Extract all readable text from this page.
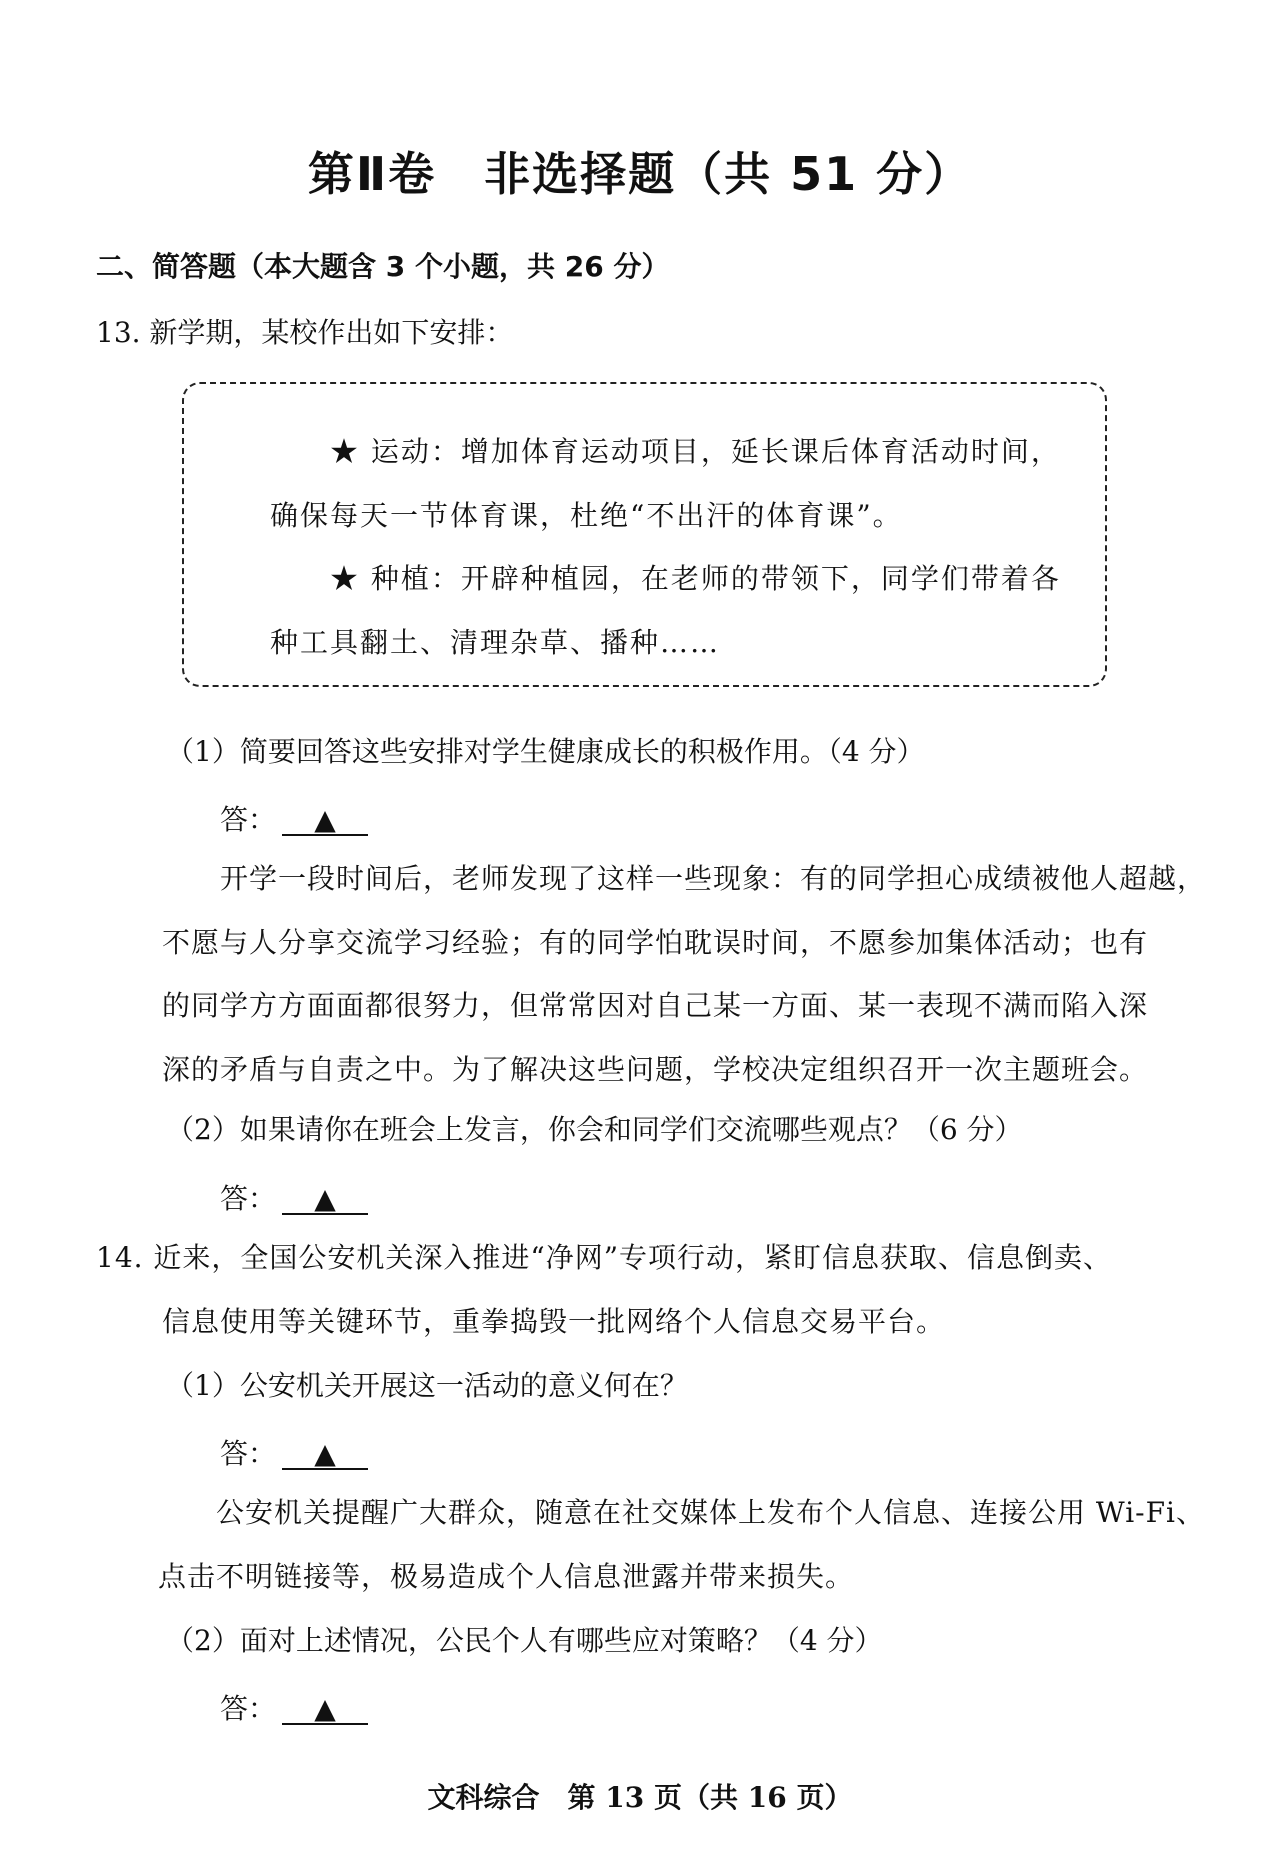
第Ⅱ卷　非选择题（共 51 分）
二、简答题（本大题含 3 个小题，共 26 分）
13. 新学期，某校作出如下安排：
★ 运动：增加体育运动项目，延长课后体育活动时间，
确保每天一节体育课，杜绝“不出汗的体育课”。
★ 种植：开辟种植园，在老师的带领下，同学们带着各
种工具翻土、清理杂草、播种……
（1）简要回答这些安排对学生健康成长的积极作用。（4 分）
答： ▲
开学一段时间后，老师发现了这样一些现象：有的同学担心成绩被他人超越，
不愿与人分享交流学习经验；有的同学怕耽误时间，不愿参加集体活动；也有
的同学方方面面都很努力，但常常因对自己某一方面、某一表现不满而陷入深
深的矛盾与自责之中。为了解决这些问题，学校决定组织召开一次主题班会。
（2）如果请你在班会上发言，你会和同学们交流哪些观点？（6 分）
答： ▲
14. 近来，全国公安机关深入推进“净网”专项行动，紧盯信息获取、信息倒卖、
信息使用等关键环节，重拳捣毁一批网络个人信息交易平台。
（1）公安机关开展这一活动的意义何在？
答： ▲
公安机关提醒广大群众，随意在社交媒体上发布个人信息、连接公用 Wi-Fi、
点击不明链接等，极易造成个人信息泄露并带来损失。
（2）面对上述情况，公民个人有哪些应对策略？（4 分）
答： ▲
文科综合　第 13 页（共 16 页）
